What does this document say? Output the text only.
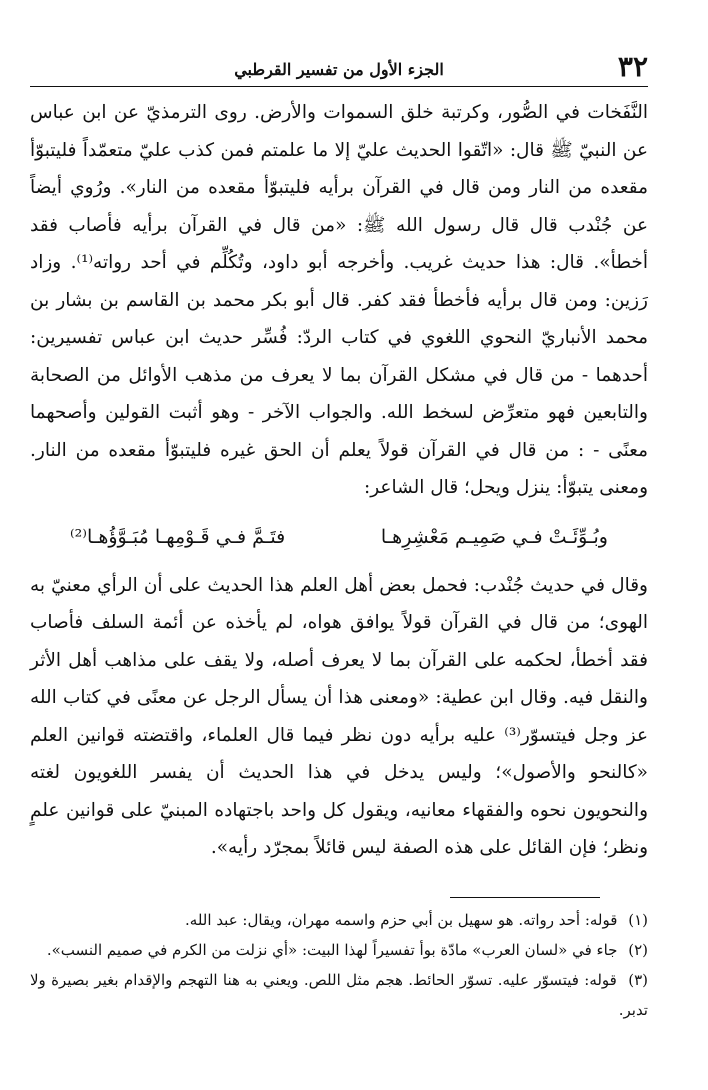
٣٢
الجزء الأول من تفسير القرطبي

النَّفَخات في الصُّور، وكرتبة خلق السموات والأرض. روى الترمذيّ عن ابن عباس عن النبيّ ﷺ قال: «اتّقوا الحديث عليّ إلا ما علمتم فمن كذب عليّ متعمّداً فليتبوّأ مقعده من النار ومن قال في القرآن برأيه فليتبوّأ مقعده من النار». ورُوي أيضاً عن جُنْدب قال قال رسول الله ﷺ: «من قال في القرآن برأيه فأصاب فقد أخطأ». قال: هذا حديث غريب. وأخرجه أبو داود، وتُكُلِّم في أحد رواته⁽¹⁾. وزاد رَزين: ومن قال برأيه فأخطأ فقد كفر. قال أبو بكر محمد بن القاسم بن بشار بن محمد الأنباريّ النحوي اللغوي في كتاب الردّ: فُسِّر حديث ابن عباس تفسيرين: أحدهما - من قال في مشكل القرآن بما لا يعرف من مذهب الأوائل من الصحابة والتابعين فهو متعرِّض لسخط الله. والجواب الآخر - وهو أثبت القولين وأصحهما معنًى - : من قال في القرآن قولاً يعلم أن الحق غيره فليتبوّأ مقعده من النار. ومعنى يتبوّأ: ينزل ويحل؛ قال الشاعر:

وبُـوِّئَـتْ فـي صَمِيـم مَعْشِرِهـا
فتَـمَّ فـي قَـوْمِهـا مُبَـوَّؤُهـا⁽²⁾

وقال في حديث جُنْدب: فحمل بعض أهل العلم هذا الحديث على أن الرأي معنيّ به الهوى؛ من قال في القرآن قولاً يوافق هواه، لم يأخذه عن أئمة السلف فأصاب فقد أخطأ، لحكمه على القرآن بما لا يعرف أصله، ولا يقف على مذاهب أهل الأثر والنقل فيه. وقال ابن عطية: «ومعنى هذا أن يسأل الرجل عن معنًى في كتاب الله عز وجل فيتسوّر⁽³⁾ عليه برأيه دون نظر فيما قال العلماء، واقتضته قوانين العلم «كالنحو والأصول»؛ وليس يدخل في هذا الحديث أن يفسر اللغويون لغته والنحويون نحوه والفقهاء معانيه، ويقول كل واحد باجتهاده المبنيّ على قوانين علمٍ ونظر؛ فإن القائل على هذه الصفة ليس قائلاً بمجرّد رأيه».

(١) قوله: أحد رواته. هو سهيل بن أبي حزم واسمه مهران، ويقال: عبد الله.

(٢) جاء في «لسان العرب» مادّة بوأ تفسيراً لهذا البيت: «أي نزلت من الكرم في صميم النسب».

(٣) قوله: فيتسوّر عليه. تسوّر الحائط. هجم مثل اللص. ويعني به هنا التهجم والإقدام بغير بصيرة ولا تدبر.
